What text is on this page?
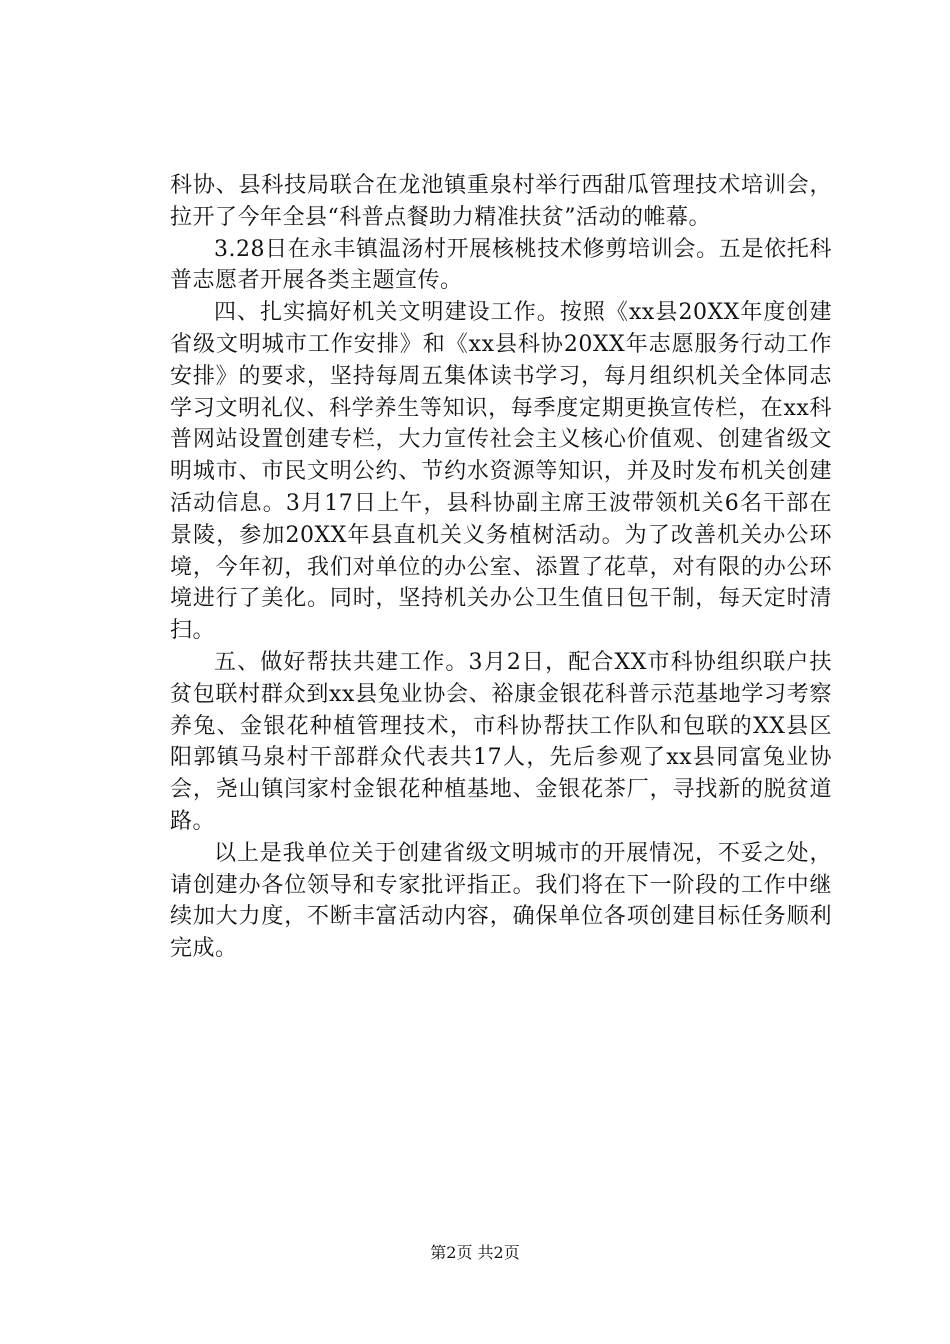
科协、县科技局联合在龙池镇重泉村举行西甜瓜管理技术培训会，拉开了今年全县“科普点餐助力精准扶贫”活动的帷幕。

3.28日在永丰镇温汤村开展核桃技术修剪培训会。五是依托科普志愿者开展各类主题宣传。

四、扎实搞好机关文明建设工作。按照《xx县20XX年度创建省级文明城市工作安排》和《xx县科协20XX年志愿服务行动工作安排》的要求，坚持每周五集体读书学习，每月组织机关全体同志学习文明礼仪、科学养生等知识，每季度定期更换宣传栏，在xx科普网站设置创建专栏，大力宣传社会主义核心价值观、创建省级文明城市、市民文明公约、节约水资源等知识，并及时发布机关创建活动信息。3月17日上午，县科协副主席王波带领机关6名干部在景陵，参加20XX年县直机关义务植树活动。为了改善机关办公环境，今年初，我们对单位的办公室、添置了花草，对有限的办公环境进行了美化。同时，坚持机关办公卫生值日包干制，每天定时清扫。

五、做好帮扶共建工作。3月2日，配合XX市科协组织联户扶贫包联村群众到xx县兔业协会、裕康金银花科普示范基地学习考察养兔、金银花种植管理技术，市科协帮扶工作队和包联的XX县区阳郭镇马泉村干部群众代表共17人，先后参观了xx县同富兔业协会，尧山镇闫家村金银花种植基地、金银花茶厂，寻找新的脱贫道路。

以上是我单位关于创建省级文明城市的开展情况，不妥之处，请创建办各位领导和专家批评指正。我们将在下一阶段的工作中继续加大力度，不断丰富活动内容，确保单位各项创建目标任务顺利完成。

第2页 共2页
